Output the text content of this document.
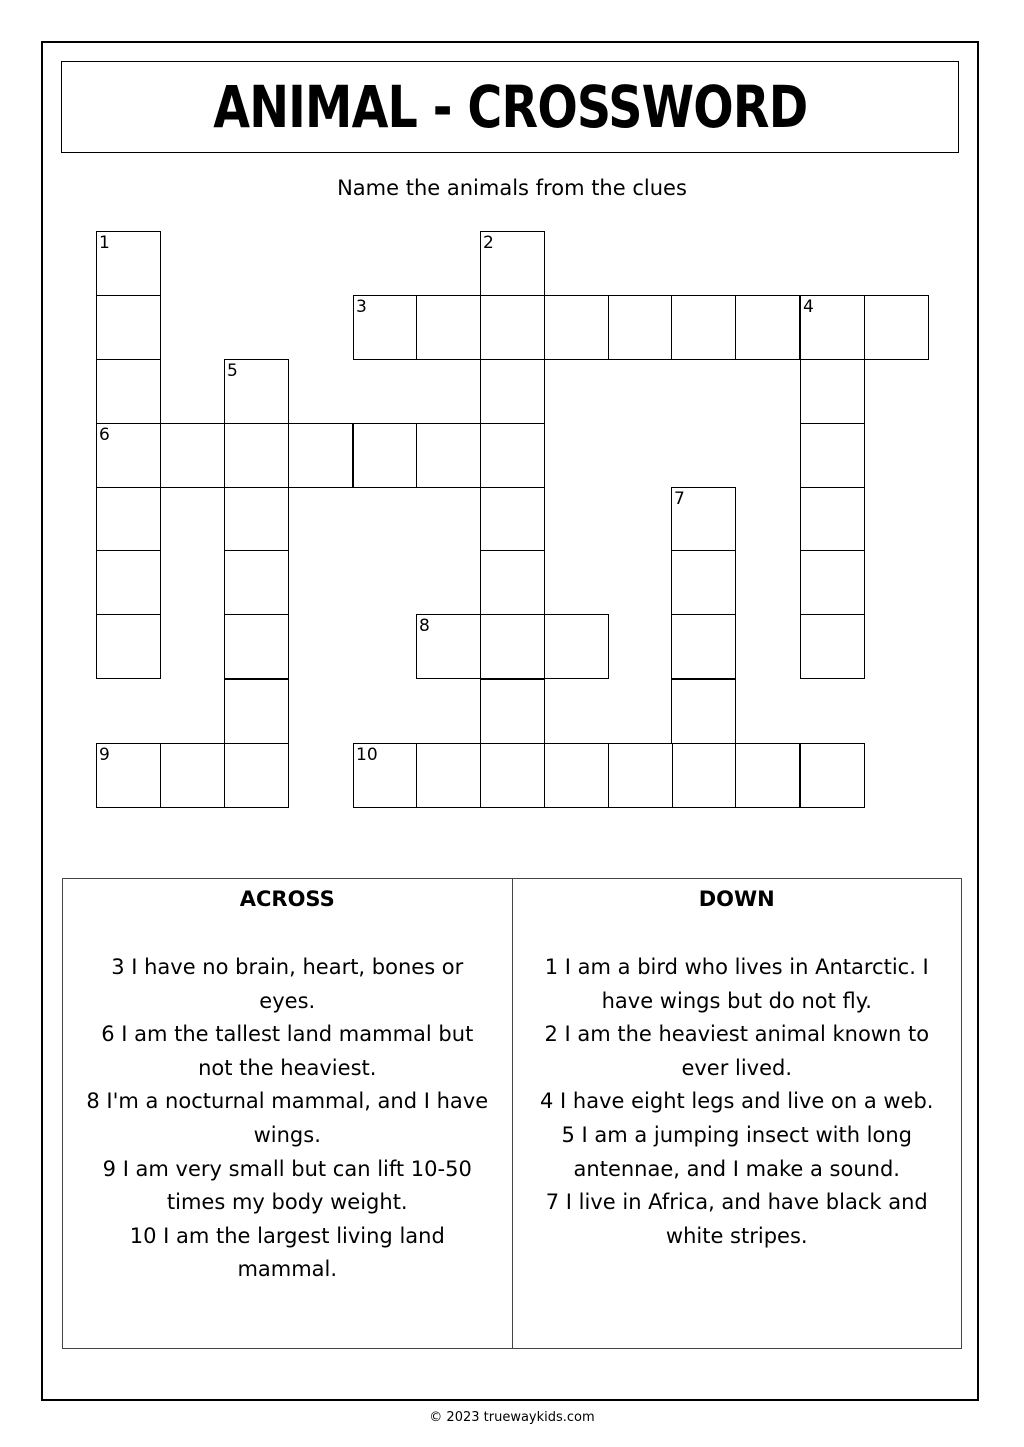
ANIMAL - CROSSWORD
Name the animals from the clues
1
6
2
3	4
5
7
8
9	10
ACROSS
3 I have no brain, heart, bones or eyes.
6 I am the tallest land mammal but not the heaviest.
8 I'm a nocturnal mammal, and I have wings.
9 I am very small but can lift 10-50 times my body weight.
10 I am the largest living land mammal.
DOWN
1 I am a bird who lives in Antarctic. I have wings but do not fly.
2 I am the heaviest animal known to ever lived.
4 I have eight legs and live on a web.
5 I am a jumping insect with long antennae, and I make a sound.
7 I live in Africa, and have black and white stripes.
© 2023 truewaykids.com
